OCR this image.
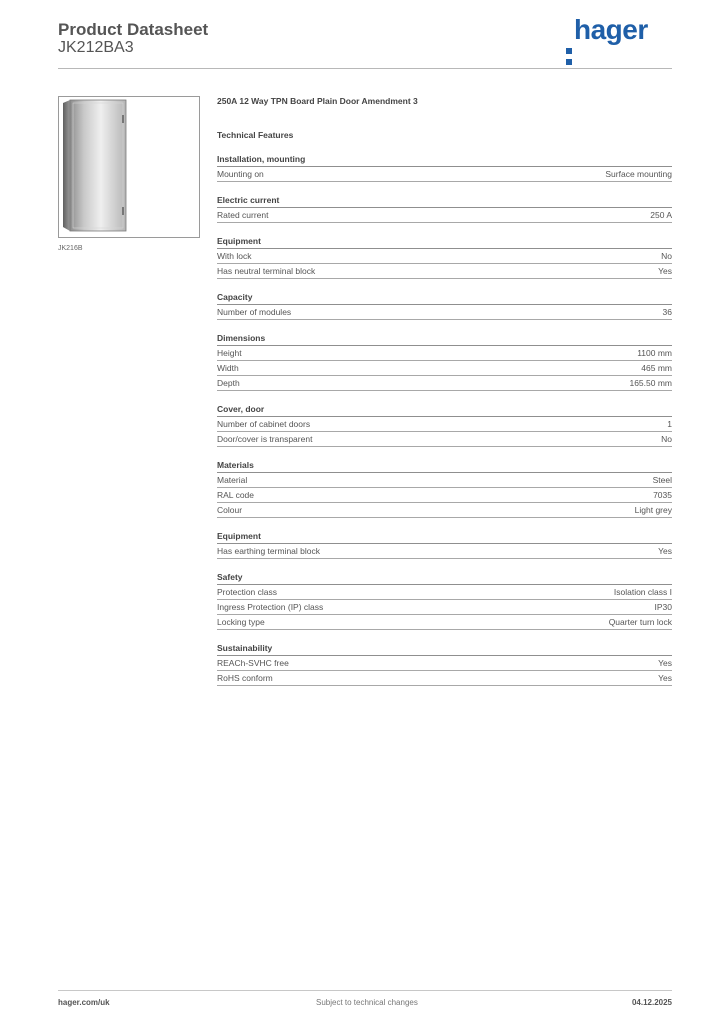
Product Datasheet
JK212BA3
hager
JK216B
250A 12 Way TPN Board Plain Door Amendment 3
Technical Features
Installation, mounting
Mounting on	Surface mounting
Electric current
Rated current	250 A
Equipment
With lock	No
Has neutral terminal block	Yes
Capacity
Number of modules	36
Dimensions
Height	1100 mm
Width	465 mm
Depth	165.50 mm
Cover, door
Number of cabinet doors	1
Door/cover is transparent	No
Materials
Material	Steel
RAL code	7035
Colour	Light grey
Equipment
Has earthing terminal block	Yes
Safety
Protection class	Isolation class I
Ingress Protection (IP) class	IP30
Locking type	Quarter turn lock
Sustainability
REACh-SVHC free	Yes
RoHS conform	Yes
hager.com/uk	Subject to technical changes	04.12.2025
